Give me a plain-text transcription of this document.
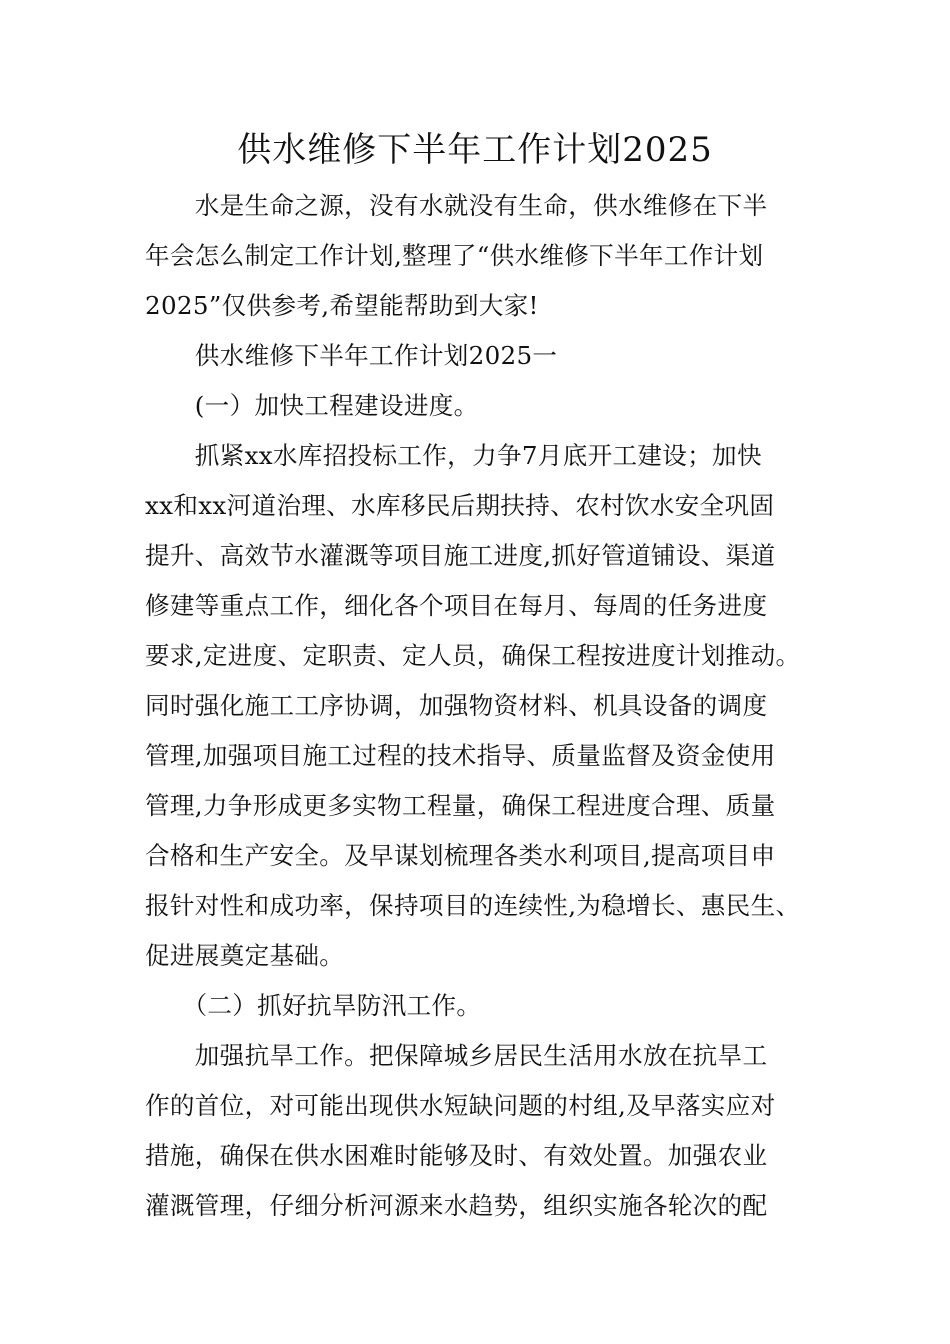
供水维修下半年工作计划2025

　　水是生命之源，没有水就没有生命，供水维修在下半

年会怎么制定工作计划,整理了“供水维修下半年工作计划

2025”仅供参考,希望能帮助到大家!

　　供水维修下半年工作计划2025一

　　(一）加快工程建设进度。

　　抓紧xx水库招投标工作，力争7月底开工建设；加快

xx和xx河道治理、水库移民后期扶持、农村饮水安全巩固

提升、高效节水灌溉等项目施工进度,抓好管道铺设、渠道

修建等重点工作，细化各个项目在每月、每周的任务进度

要求,定进度、定职责、定人员，确保工程按进度计划推动。

同时强化施工工序协调，加强物资材料、机具设备的调度

管理,加强项目施工过程的技术指导、质量监督及资金使用

管理,力争形成更多实物工程量，确保工程进度合理、质量

合格和生产安全。及早谋划梳理各类水利项目,提高项目申

报针对性和成功率，保持项目的连续性,为稳增长、惠民生、

促进展奠定基础。

　　（二）抓好抗旱防汛工作。

　　加强抗旱工作。把保障城乡居民生活用水放在抗旱工

作的首位，对可能出现供水短缺问题的村组,及早落实应对

措施，确保在供水困难时能够及时、有效处置。加强农业

灌溉管理，仔细分析河源来水趋势，组织实施各轮次的配
